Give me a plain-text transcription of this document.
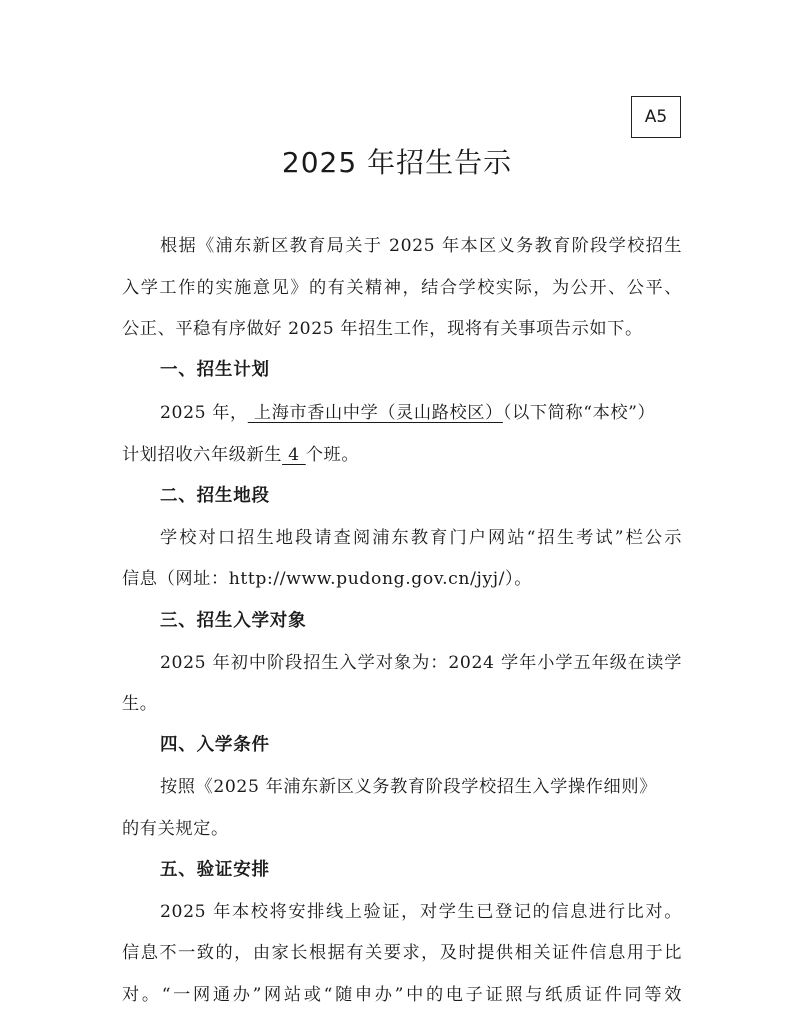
A5
2025 年招生告示
根据《浦东新区教育局关于 2025 年本区义务教育阶段学校招生
入学工作的实施意见》的有关精神，结合学校实际，为公开、公平、
公正、平稳有序做好 2025 年招生工作，现将有关事项告示如下。
一、招生计划
2025 年， 上海市香山中学（灵山路校区）（以下简称“本校”）
计划招收六年级新生 4 个班。
二、招生地段
学校对口招生地段请查阅浦东教育门户网站“招生考试”栏公示
信息（网址：http://www.pudong.gov.cn/jyj/）。
三、招生入学对象
2025 年初中阶段招生入学对象为：2024 学年小学五年级在读学
生。
四、入学条件
按照《2025 年浦东新区义务教育阶段学校招生入学操作细则》
的有关规定。
五、验证安排
2025 年本校将安排线上验证，对学生已登记的信息进行比对。
信息不一致的，由家长根据有关要求，及时提供相关证件信息用于比
对。“一网通办”网站或“随申办”中的电子证照与纸质证件同等效
